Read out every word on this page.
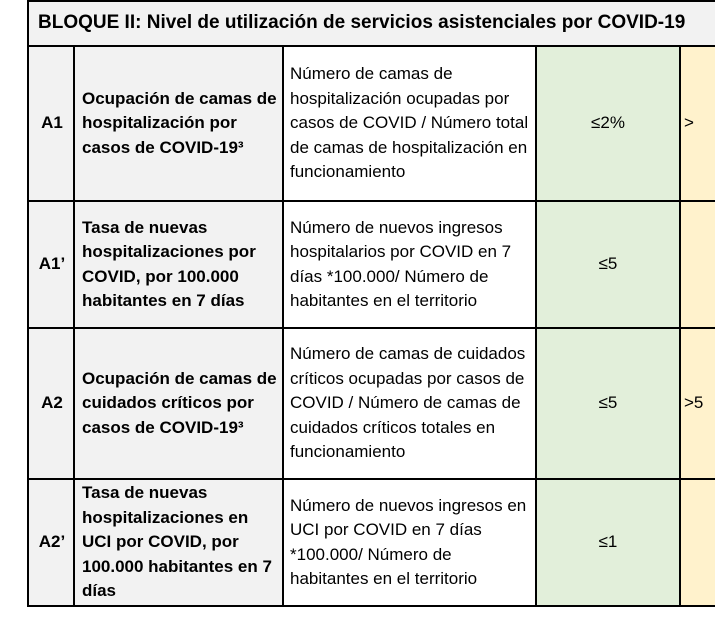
BLOQUE II: Nivel de utilización de servicios asistenciales por COVID-19				
A1	Ocupación de camas de hospitalización por casos de COVID-19³	Número de camas de hospitalización ocupadas por casos de COVID / Número total de camas de hospitalización en funcionamiento	≤2%	>
A1’	Tasa de nuevas hospitalizaciones por COVID, por 100.000 habitantes en 7 días	Número de nuevos ingresos hospitalarios por COVID en 7 días *100.000/ Número de habitantes en el territorio	≤5	
A2	Ocupación de camas de cuidados críticos por casos de COVID-19³	Número de camas de cuidados críticos ocupadas por casos de COVID / Número de camas de cuidados críticos totales en funcionamiento	≤5	>5
A2’	Tasa de nuevas hospitalizaciones en UCI por COVID, por 100.000 habitantes en 7 días	Número de nuevos ingresos en UCI por COVID en 7 días *100.000/ Número de habitantes en el territorio	≤1	
